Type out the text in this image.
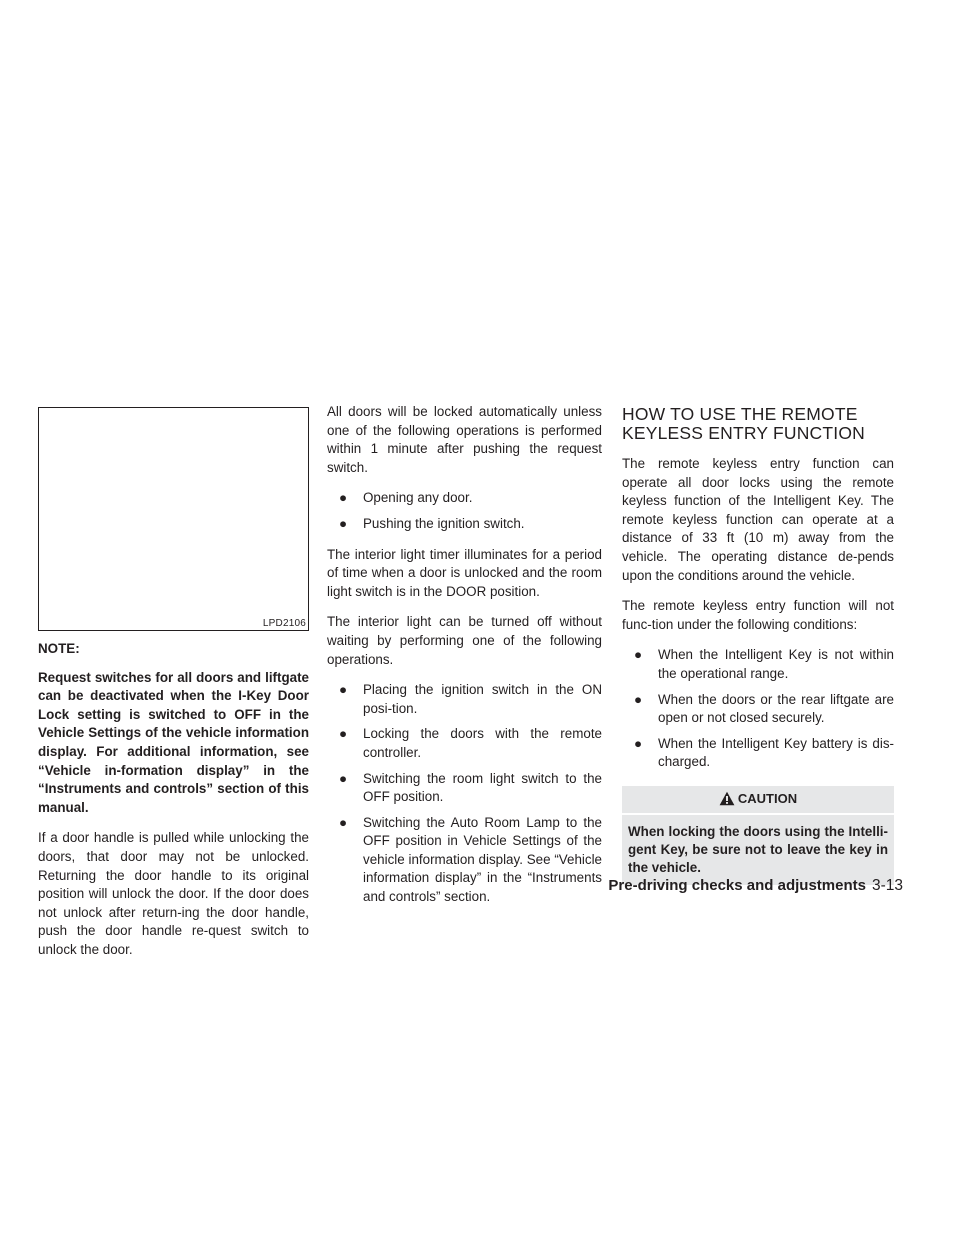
LPD2106

NOTE:

Request switches for all doors and liftgate can be deactivated when the I-Key Door Lock setting is switched to OFF in the Vehicle Settings of the vehicle information display. For additional information, see “Vehicle in-formation display” in the “Instruments and controls” section of this manual.

If a door handle is pulled while unlocking the doors, that door may not be unlocked. Returning the door handle to its original position will unlock the door. If the door does not unlock after return-ing the door handle, push the door handle re-quest switch to unlock the door.

All doors will be locked automatically unless one of the following operations is performed within 1 minute after pushing the request switch.

● Opening any door.
● Pushing the ignition switch.

The interior light timer illuminates for a period of time when a door is unlocked and the room light switch is in the DOOR position.

The interior light can be turned off without waiting by performing one of the following operations.

● Placing the ignition switch in the ON posi-tion.
● Locking the doors with the remote controller.
● Switching the room light switch to the OFF position.
● Switching the Auto Room Lamp to the OFF position in Vehicle Settings of the vehicle information display. See “Vehicle information display” in the “Instruments and controls” section.
HOW TO USE THE REMOTE
KEYLESS ENTRY FUNCTION

The remote keyless entry function can operate all door locks using the remote keyless function of the Intelligent Key. The remote keyless function can operate at a distance of 33 ft (10 m) away from the vehicle. The operating distance de-pends upon the conditions around the vehicle.

The remote keyless entry function will not func-tion under the following conditions:

● When the Intelligent Key is not within the operational range.
● When the doors or the rear liftgate are open or not closed securely.
● When the Intelligent Key battery is dis-charged.
CAUTION
When locking the doors using the Intelli-gent Key, be sure not to leave the key in the vehicle.
Pre-driving checks and adjustments 3-13
